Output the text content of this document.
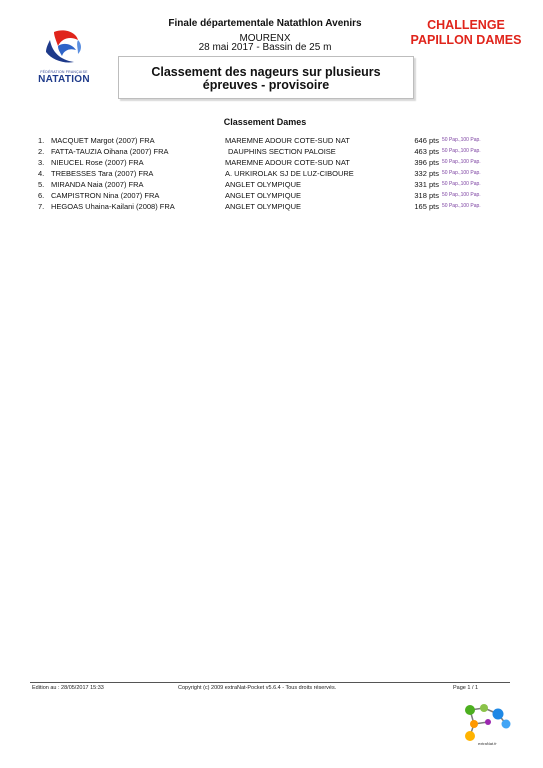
FÉDÉRATION FRANÇAISE
NATATION
Finale départementale Natathlon Avenirs
MOURENX
28 mai 2017 - Bassin de 25 m
CHALLENGE
PAPILLON DAMES
Classement des nageurs sur plusieurs
épreuves - provisoire
Classement Dames
1. MACQUET Margot (2007) FRA	MAREMNE ADOUR COTE-SUD NAT	646 pts 50 Pap.,100 Pap.
2. FATTA-TAUZIA Oihana (2007) FRA	DAUPHINS SECTION PALOISE	463 pts 50 Pap.,100 Pap.
3. NIEUCEL Rose (2007) FRA	MAREMNE ADOUR COTE-SUD NAT	396 pts 50 Pap.,100 Pap.
4. TREBESSES Tara (2007) FRA	A. URKIROLAK SJ DE LUZ-CIBOURE	332 pts 50 Pap.,100 Pap.
5. MIRANDA Naia (2007) FRA	ANGLET OLYMPIQUE	331 pts 50 Pap.,100 Pap.
6. CAMPISTRON Nina (2007) FRA	ANGLET OLYMPIQUE	318 pts 50 Pap.,100 Pap.
7. HEGOAS Uhaina-Kailani (2008) FRA	ANGLET OLYMPIQUE	165 pts 50 Pap.,100 Pap.
Edition au : 28/05/2017 15:33	Copyright (c) 2009 extraNat-Pocket v5.6.4 - Tous droits réservés.	Page 1 / 1
extraNat.fr
